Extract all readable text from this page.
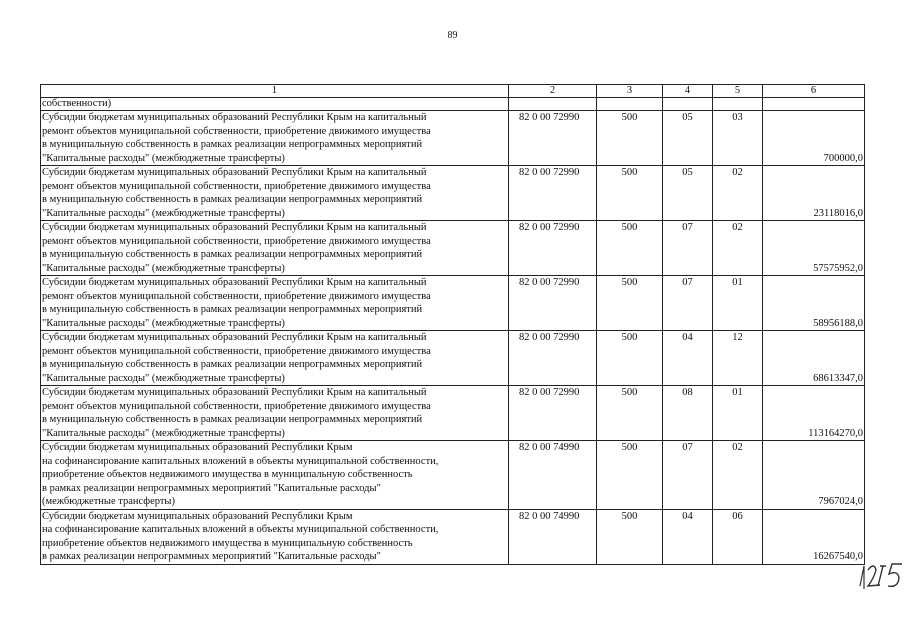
89
1	2	3	4	5	6
собственности)					

Субсидии бюджетам муниципальных образований Республики Крым на капитальный
ремонт объектов муниципальной собственности, приобретение движимого имущества
в муниципальную собственность в рамках реализации непрограммных мероприятий
"Капитальные расходы" (межбюджетные трансферты)	82 0 00 72990	500	05	03	700000,0

Субсидии бюджетам муниципальных образований Республики Крым на капитальный
ремонт объектов муниципальной собственности, приобретение движимого имущества
в муниципальную собственность в рамках реализации непрограммных мероприятий
"Капитальные расходы" (межбюджетные трансферты)	82 0 00 72990	500	05	02	23118016,0

Субсидии бюджетам муниципальных образований Республики Крым на капитальный
ремонт объектов муниципальной собственности, приобретение движимого имущества
в муниципальную собственность в рамках реализации непрограммных мероприятий
"Капитальные расходы" (межбюджетные трансферты)	82 0 00 72990	500	07	02	57575952,0

Субсидии бюджетам муниципальных образований Республики Крым на капитальный
ремонт объектов муниципальной собственности, приобретение движимого имущества
в муниципальную собственность в рамках реализации непрограммных мероприятий
"Капитальные расходы" (межбюджетные трансферты)	82 0 00 72990	500	07	01	58956188,0

Субсидии бюджетам муниципальных образований Республики Крым на капитальный
ремонт объектов муниципальной собственности, приобретение движимого имущества
в муниципальную собственность в рамках реализации непрограммных мероприятий
"Капитальные расходы" (межбюджетные трансферты)	82 0 00 72990	500	04	12	68613347,0

Субсидии бюджетам муниципальных образований Республики Крым на капитальный
ремонт объектов муниципальной собственности, приобретение движимого имущества
в муниципальную собственность в рамках реализации непрограммных мероприятий
"Капитальные расходы" (межбюджетные трансферты)	82 0 00 72990	500	08	01	113164270,0

Субсидии бюджетам муниципальных образований Республики Крым
на софинансирование капитальных вложений в объекты муниципальной собственности,
приобретение объектов недвижимого имущества в муниципальную собственность
в рамках реализации непрограммных мероприятий "Капитальные расходы"
(межбюджетные трансферты)	82 0 00 74990	500	07	02	7967024,0

Субсидии бюджетам муниципальных образований Республики Крым
на софинансирование капитальных вложений в объекты муниципальной собственности,
приобретение объектов недвижимого имущества в муниципальную собственность
в рамках реализации непрограммных мероприятий "Капитальные расходы"	82 0 00 74990	500	04	06	16267540,0
